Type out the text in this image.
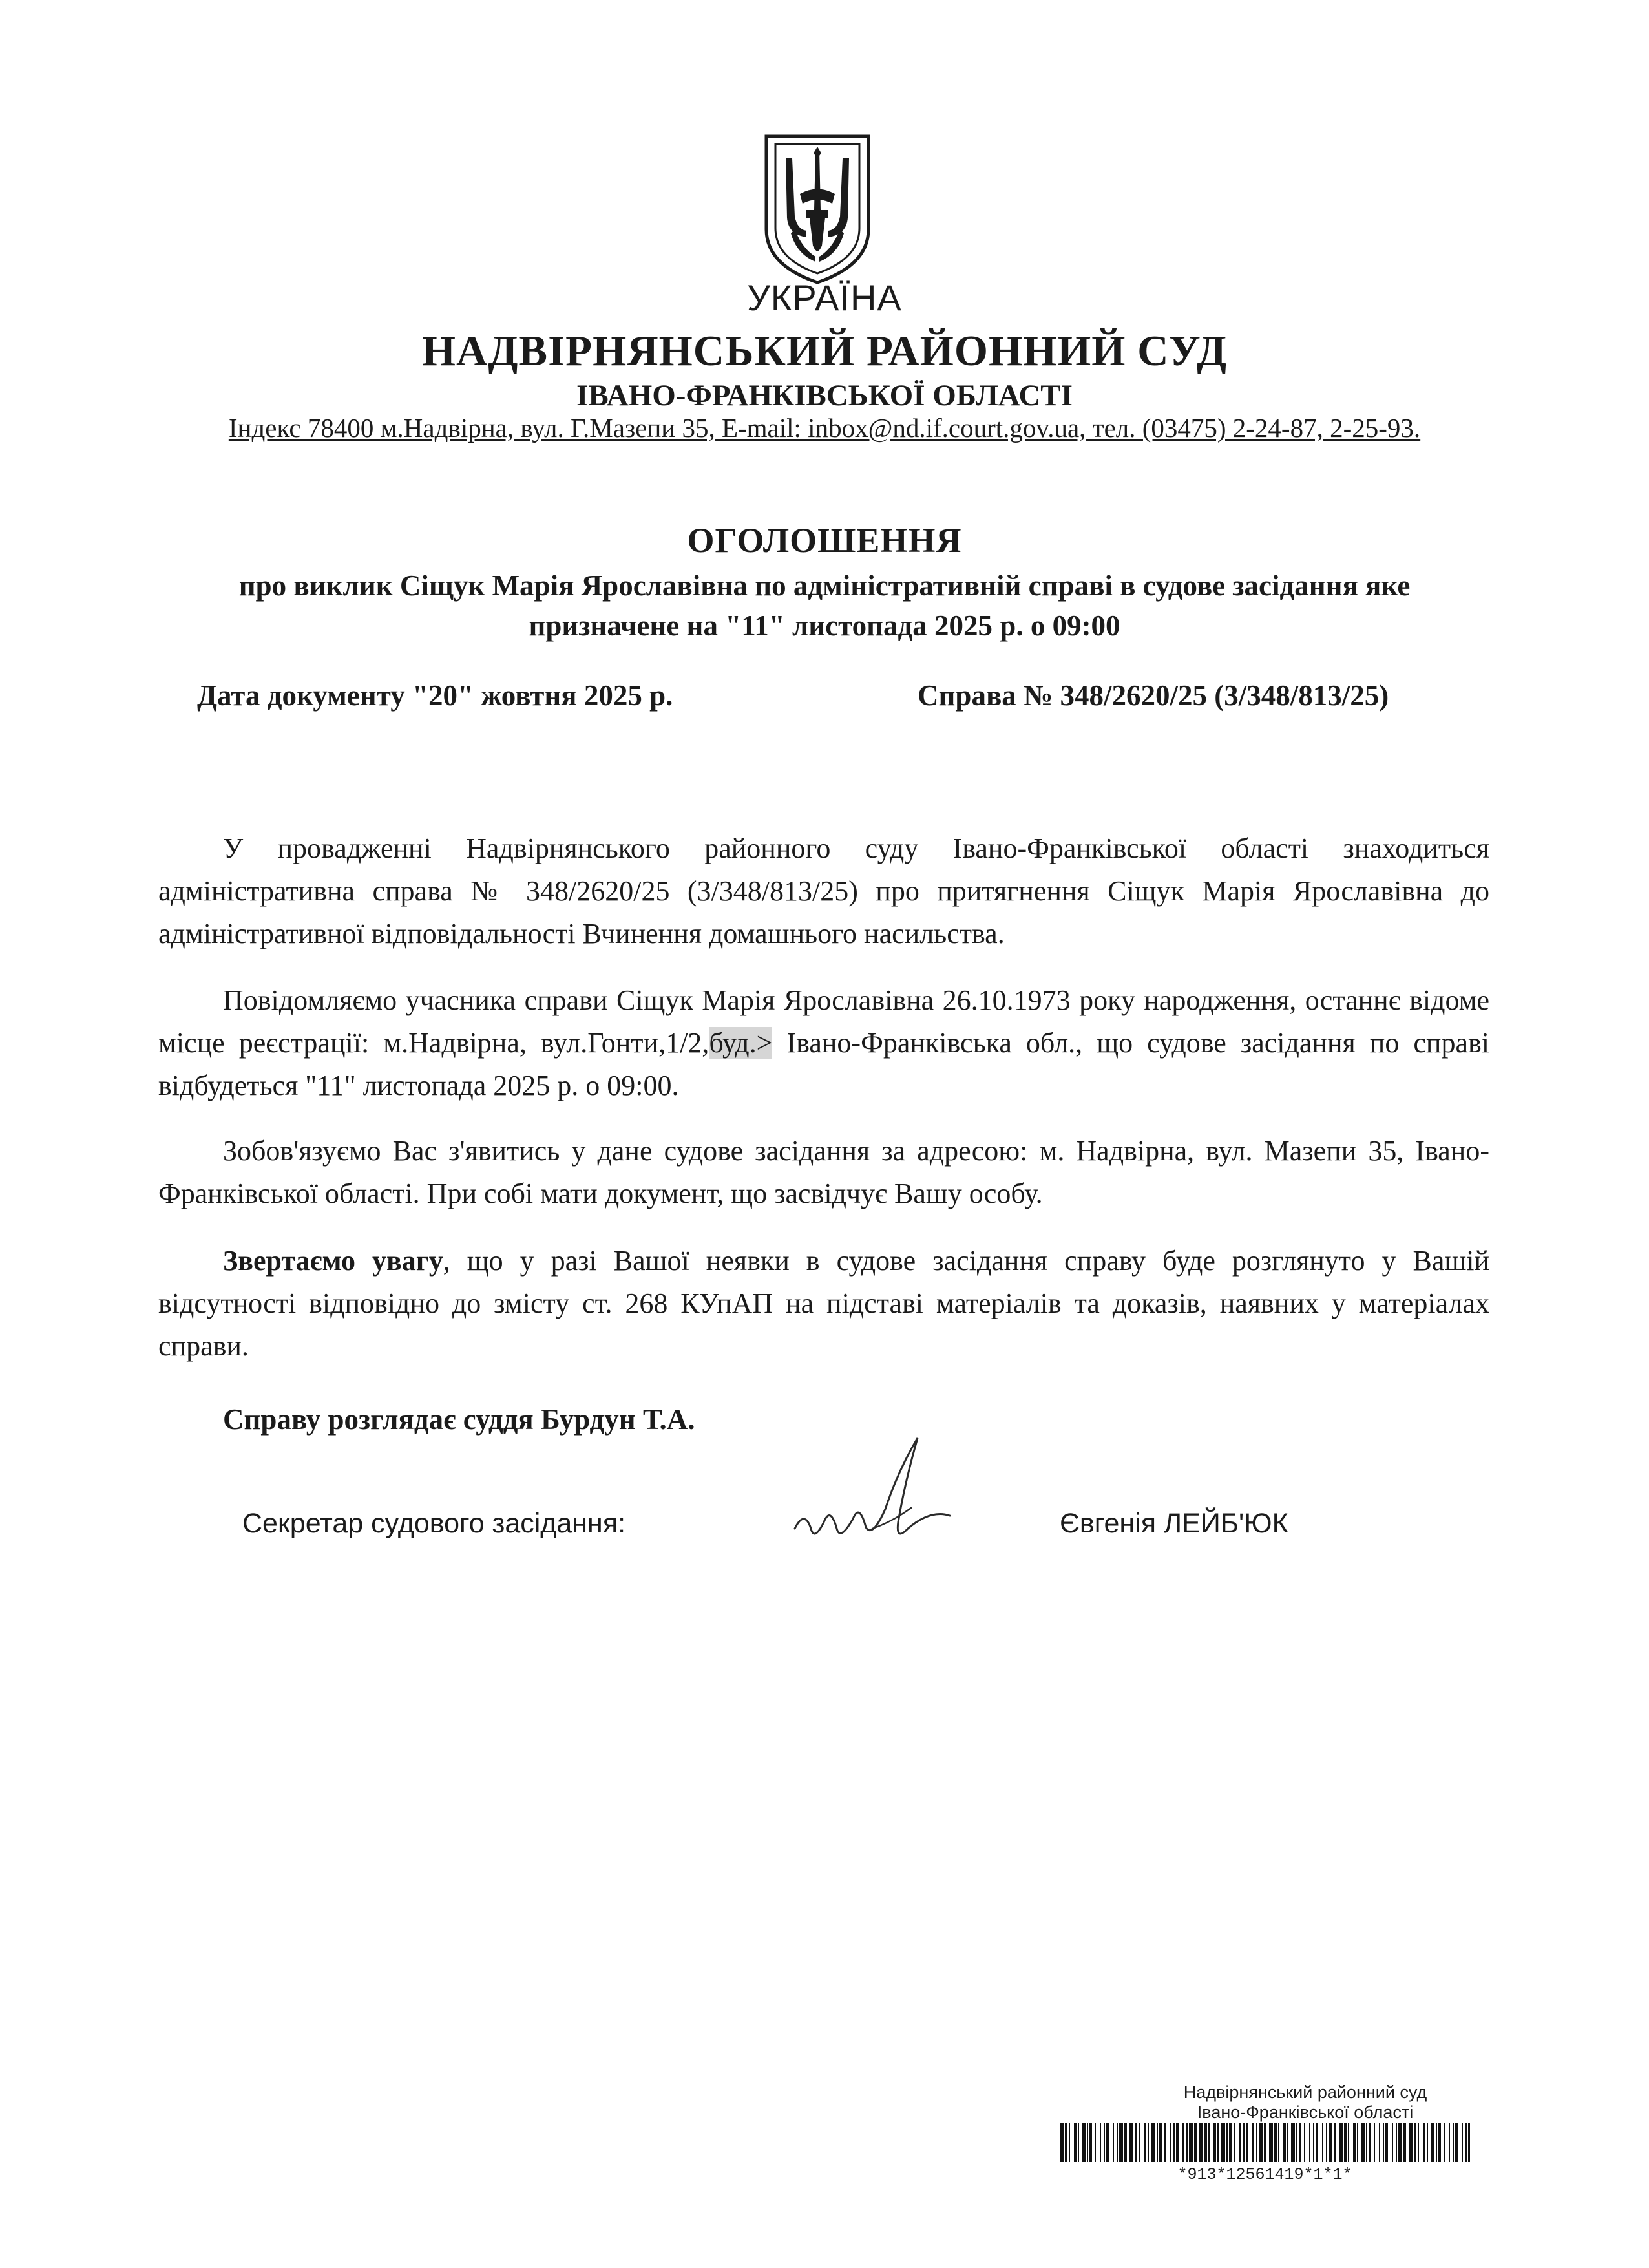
УКРАЇНА
НАДВІРНЯНСЬКИЙ РАЙОННИЙ СУД
ІВАНО-ФРАНКІВСЬКОЇ ОБЛАСТІ
Індекс 78400 м.Надвірна, вул. Г.Мазепи 35, E-mail: inbox@nd.if.court.gov.ua, тел. (03475) 2-24-87, 2-25-93.
ОГОЛОШЕННЯ
про виклик Сіщук Марія Ярославівна по адміністративній справі в судове засідання яке
призначене на "11" листопада 2025 р. о 09:00
Дата документу "20" жовтня 2025 р.	Справа № 348/2620/25 (3/348/813/25)
У провадженні Надвірнянського районного суду Івано-Франківської області знаходиться адміністративна справа № 348/2620/25 (3/348/813/25) про притягнення Сіщук Марія Ярославівна до адміністративної відповідальності Вчинення домашнього насильства.
Повідомляємо учасника справи Сіщук Марія Ярославівна 26.10.1973 року народження, останнє відоме місце реєстрації: м.Надвірна, вул.Гонти,1/2,буд.> Івано-Франківська обл., що судове засідання по справі відбудеться "11" листопада 2025 р. о 09:00.
Зобов'язуємо Вас з'явитись у дане судове засідання за адресою: м. Надвірна, вул. Мазепи 35, Івано-Франківської області. При собі мати документ, що засвідчує Вашу особу.
Звертаємо увагу, що у разі Вашої неявки в судове засідання справу буде розглянуто у Вашій відсутності відповідно до змісту ст. 268 КУпАП на підставі матеріалів та доказів, наявних у матеріалах справи.
Справу розглядає суддя Бурдун Т.А.
Секретар судового засідання:	Євгенія ЛЕЙБ'ЮК
Надвірнянський районний суд
Івано-Франківської області
*913*12561419*1*1*
